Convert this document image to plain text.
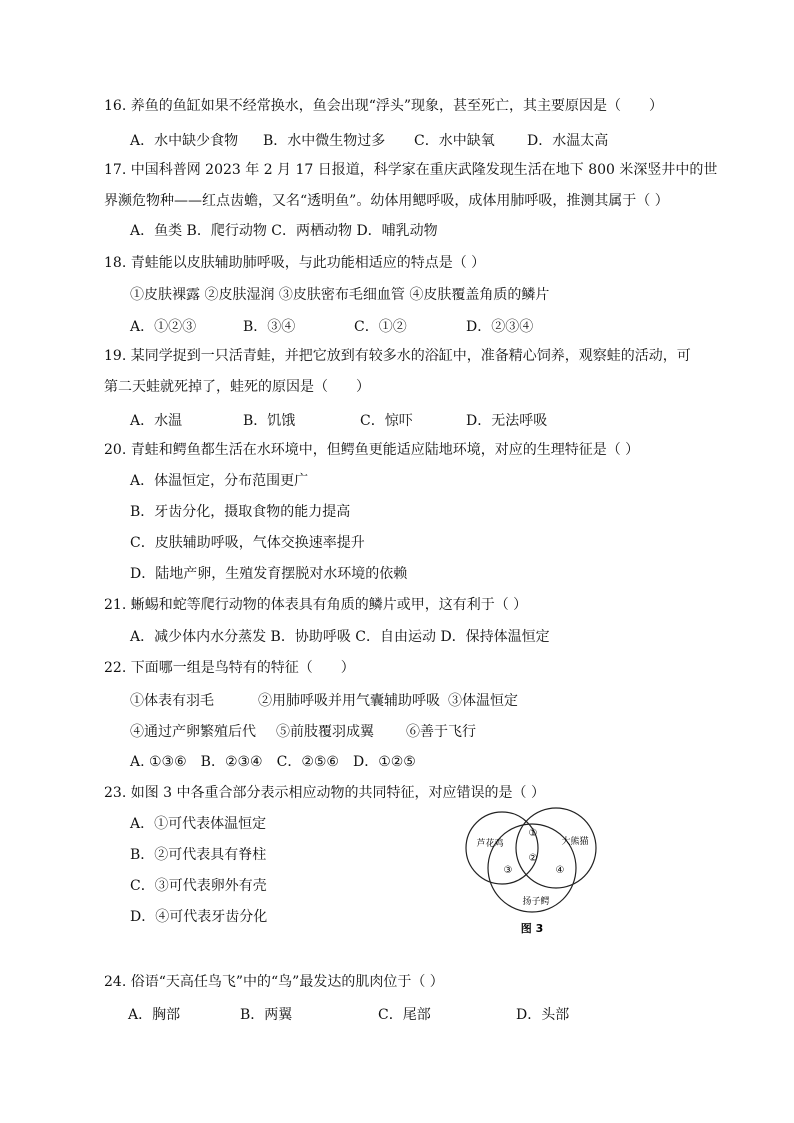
16. 养鱼的鱼缸如果不经常换水，鱼会出现“浮头”现象，甚至死亡，其主要原因是（　　）
A．水中缺少食物 B．水中微生物过多 C．水中缺氧 D．水温太高
17. 中国科普网 2023 年 2 月 17 日报道，科学家在重庆武隆发现生活在地下 800 米深竖井中的世
界濒危物种——红点齿蟾，又名“透明鱼”。幼体用鳃呼吸，成体用肺呼吸，推测其属于（ ）
A．鱼类 B．爬行动物 C．两栖动物 D．哺乳动物
18. 青蛙能以皮肤辅助肺呼吸，与此功能相适应的特点是（ ）
①皮肤裸露 ②皮肤湿润 ③皮肤密布毛细血管 ④皮肤覆盖角质的鳞片
A．①②③	B．③④	C．①②	D．②③④
19. 某同学捉到一只活青蛙，并把它放到有较多水的浴缸中，准备精心饲养，观察蛙的活动，可
第二天蛙就死掉了，蛙死的原因是（　　）
A．水温	B．饥饿	C．惊吓	D．无法呼吸
20. 青蛙和鳄鱼都生活在水环境中，但鳄鱼更能适应陆地环境，对应的生理特征是（ ）
A．体温恒定，分布范围更广
B．牙齿分化，摄取食物的能力提高
C．皮肤辅助呼吸，气体交换速率提升
D．陆地产卵，生殖发育摆脱对水环境的依赖
21. 蜥蜴和蛇等爬行动物的体表具有角质的鳞片或甲，这有利于（ ）
A．减少体内水分蒸发 B．协助呼吸 C．自由运动 D．保持体温恒定
22. 下面哪一组是鸟特有的特征（　　）
①体表有羽毛	②用肺呼吸并用气囊辅助呼吸 ③体温恒定
④通过产卵繁殖后代 ⑤前肢覆羽成翼 ⑥善于飞行
A. ①③⑥　B．②③④　C．②⑤⑥　D．①②⑤
23. 如图 3 中各重合部分表示相应动物的共同特征，对应错误的是（ ）
A．①可代表体温恒定
B．②可代表具有脊柱
C．③可代表卵外有壳
D．④可代表牙齿分化
芦花鸡	大熊猫
扬子鳄
①
②
③	④
图 3
24. 俗语“天高任鸟飞”中的“鸟”最发达的肌肉位于（ ）
A．胸部	B．两翼	C．尾部	D．头部
